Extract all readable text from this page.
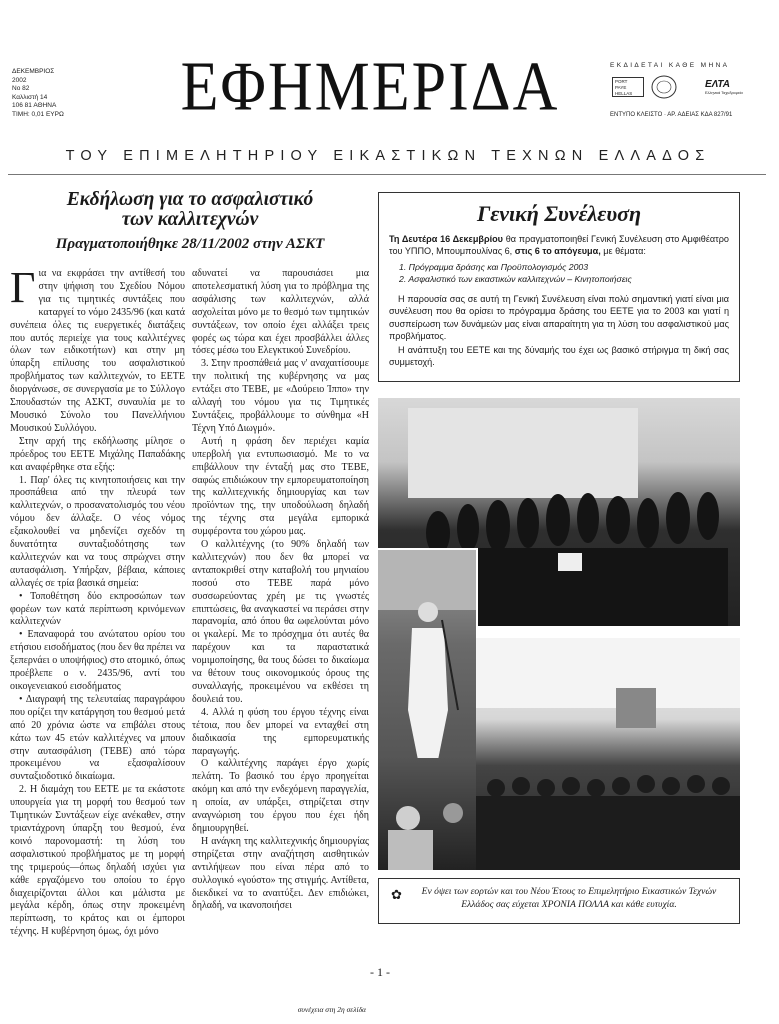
ΔΕΚΕΜΒΡΙΟΣ
2002
Νο 82
Καλλιστή 14
106 81 ΑΘΗΝΑ
ΤΙΜΗ: 0,01 ΕΥΡΩ	ΕΦΗΜΕΡΙΔΑ	ΕΚΔΙΔΕΤΑΙ ΚΑΘΕ ΜΗΝΑ
PORT
PAYE
HELLAS
ΕΛΤΑ
Ελληνικά Ταχυδρομεία
ΕΝΤΥΠΟ ΚΛΕΙΣΤΟ · ΑΡ. ΑΔΕΙΑΣ ΚΔΑ 827/91
ΤΟΥ ΕΠΙΜΕΛΗΤΗΡΙΟΥ ΕΙΚΑΣΤΙΚΩΝ ΤΕΧΝΩΝ ΕΛΛΑΔΟΣ
Εκδήλωση για το ασφαλιστικό
των καλλιτεχνών
Πραγματοποιήθηκε 28/11/2002 στην ΑΣΚΤ

Για να εκφράσει την αντίθεσή του στην ψήφιση του Σχεδίου Νόμου για τις τιμητικές συντάξεις που καταργεί το νόμο 2435/96 (και κατά συνέπεια όλες τις ευεργετικές διατάξεις που αυτός περιείχε για τους καλλιτέχνες όλων των ειδικοτήτων) και στην μη ύπαρξη επίλυσης του ασφαλιστικού προβλήματος των καλλιτεχνών, το ΕΕΤΕ διοργάνωσε, σε συνεργασία με το Σύλλογο Σπουδαστών της ΑΣΚΤ, συναυλία με το Μουσικό Σύνολο του Πανελλήνιου Μουσικού Συλλόγου.

Στην αρχή της εκδήλωσης μίλησε ο πρόεδρος του ΕΕΤΕ Μιχάλης Παπαδάκης και αναφέρθηκε στα εξής:

1. Παρ' όλες τις κινητοποιήσεις και την προσπάθεια από την πλευρά των καλλιτεχνών, ο προσανατολισμός του νέου νόμου δεν άλλαξε. Ο νέος νόμος εξακολουθεί να μηδενίζει σχεδόν τη δυνατότητα συνταξιοδότησης των καλλιτεχνών και να τους σπρώχνει στην αυτασφάλιση. Υπήρξαν, βέβαια, κάποιες αλλαγές σε τρία βασικά σημεία:

• Τοποθέτηση δύο εκπροσώπων των φορέων των κατά περίπτωση κρινόμενων καλλιτεχνών

• Επαναφορά του ανώτατου ορίου του ετήσιου εισοδήματος (που δεν θα πρέπει να ξεπερνάει ο υποψήφιος) στο ατομικό, όπως προέβλεπε ο ν. 2435/96, αντί του οικογενειακού εισοδήματος

• Διαγραφή της τελευταίας παραγράφου που ορίζει την κατάργηση του θεσμού μετά από 20 χρόνια ώστε να επιβάλει στους κάτω των 45 ετών καλλιτέχνες να μπουν στην αυτασφάλιση (ΤΕΒΕ) από τώρα προκειμένου να εξασφαλίσουν συνταξιοδοτικό δικαίωμα.

2. Η διαμάχη του ΕΕΤΕ με τα εκάστοτε υπουργεία για τη μορφή του θεσμού των Τιμητικών Συντάξεων είχε ανέκαθεν, στην τριαντάχρονη ύπαρξη του θεσμού, ένα κοινό παρονομαστή: τη λύση του ασφαλιστικού προβλήματος με τη μορφή της τριμερούς—όπως δηλαδή ισχύει για κάθε εργαζόμενο του οποίου το έργο διαχειρίζονται άλλοι και μάλιστα με μεγάλα κέρδη, όπως στην προκειμένη περίπτωση, το κράτος και οι έμποροι τέχνης. Η κυβέρνηση όμως, όχι μόνο

αδυνατεί να παρουσιάσει μια αποτελεσματική λύση για το πρόβλημα της ασφάλισης των καλλιτεχνών, αλλά ασχολείται μόνο με το θεσμό των τιμητικών συντάξεων, τον οποίο έχει αλλάξει τρεις φορές ως τώρα και έχει προσβάλλει άλλες τόσες μέσω του Ελεγκτικού Συνεδρίου.

3. Στην προσπάθειά μας ν' αναχαιτίσουμε την πολιτική της κυβέρνησης να μας εντάξει στο ΤΕΒΕ, με «Δούρειο Ίππο» την αλλαγή του νόμου για τις Τιμητικές Συντάξεις, προβάλλουμε το σύνθημα «Η Τέχνη Υπό Διωγμό».

Αυτή η φράση δεν περιέχει καμία υπερβολή για εντυπωσιασμό. Με το να επιβάλλουν την ένταξή μας στο ΤΕΒΕ, σαφώς επιδιώκουν την εμπορευματοποίηση της καλλιτεχνικής δημιουργίας και των προϊόντων της, την υποδούλωση δηλαδή της τέχνης στα μεγάλα εμπορικά συμφέροντα του χώρου μας.

Ο καλλιτέχνης (το 90% δηλαδή των καλλιτεχνών) που δεν θα μπορεί να ανταποκριθεί στην καταβολή του μηνιαίου ποσού στο ΤΕΒΕ παρά μόνο συσσωρεύοντας χρέη με τις γνωστές επιπτώσεις, θα αναγκαστεί να περάσει στην παρανομία, από όπου θα ωφελούνται μόνο οι γκαλερί. Με το πρόσχημα ότι αυτές θα παρέχουν και τα παραστατικά νομιμοποίησης, θα τους δώσει το δικαίωμα να θέτουν τους οικονομικούς όρους της συναλλαγής, προκειμένου να εκθέσει τη δουλειά του.

4. Αλλά η φύση του έργου τέχνης είναι τέτοια, που δεν μπορεί να ενταχθεί στη διαδικασία της εμπορευματικής παραγωγής.

Ο καλλιτέχνης παράγει έργο χωρίς πελάτη. Το βασικό του έργο προηγείται ακόμη και από την ενδεχόμενη παραγγελία, η οποία, αν υπάρξει, στηρίζεται στην αναγνώριση του έργου που έχει ήδη δημιουργηθεί.

Η ανάγκη της καλλιτεχνικής δημιουργίας στηρίζεται στην αναζήτηση αισθητικών αντιλήψεων που είναι πέρα από το συλλογικό «γούστο» της στιγμής. Αντίθετα, διεκδικεί να το αναιτύξει. Δεν επιδιώκει, δηλαδή, να ικανοποιήσει

συνέχεια στη 2η σελίδα
Γενική Συνέλευση
Τη Δευτέρα 16 Δεκεμβρίου θα πραγματοποιηθεί Γενική Συνέλευση στο Αμφιθέατρο του ΥΠΠΟ, Μπουμπουλίνας 6, στις 6 το απόγευμα, με θέματα:
1. Πρόγραμμα δράσης και Προϋπολογισμός 2003
2. Ασφαλιστικό των εικαστικών καλλιτεχνών – Κινητοποιήσεις

Η παρουσία σας σε αυτή τη Γενική Συνέλευση είναι πολύ σημαντική γιατί είναι μια συνέλευση που θα ορίσει το πρόγραμμα δράσης του ΕΕΤΕ για το 2003 και γιατί η συσπείρωση των δυνάμεών μας είναι απαραίτητη για τη λύση του ασφαλιστικού μας προβλήματος.

Η ανάπτυξη του ΕΕΤΕ και της δύναμής του έχει ως βασικό στήριγμα τη δική σας συμμετοχή.

✿	Εν όψει των εορτών και του Νέου Έτους το Επιμελητήριο Εικαστικών Τεχνών Ελλάδος σας εύχεται ΧΡΟΝΙΑ ΠΟΛΛΑ και κάθε ευτυχία.
- 1 -
